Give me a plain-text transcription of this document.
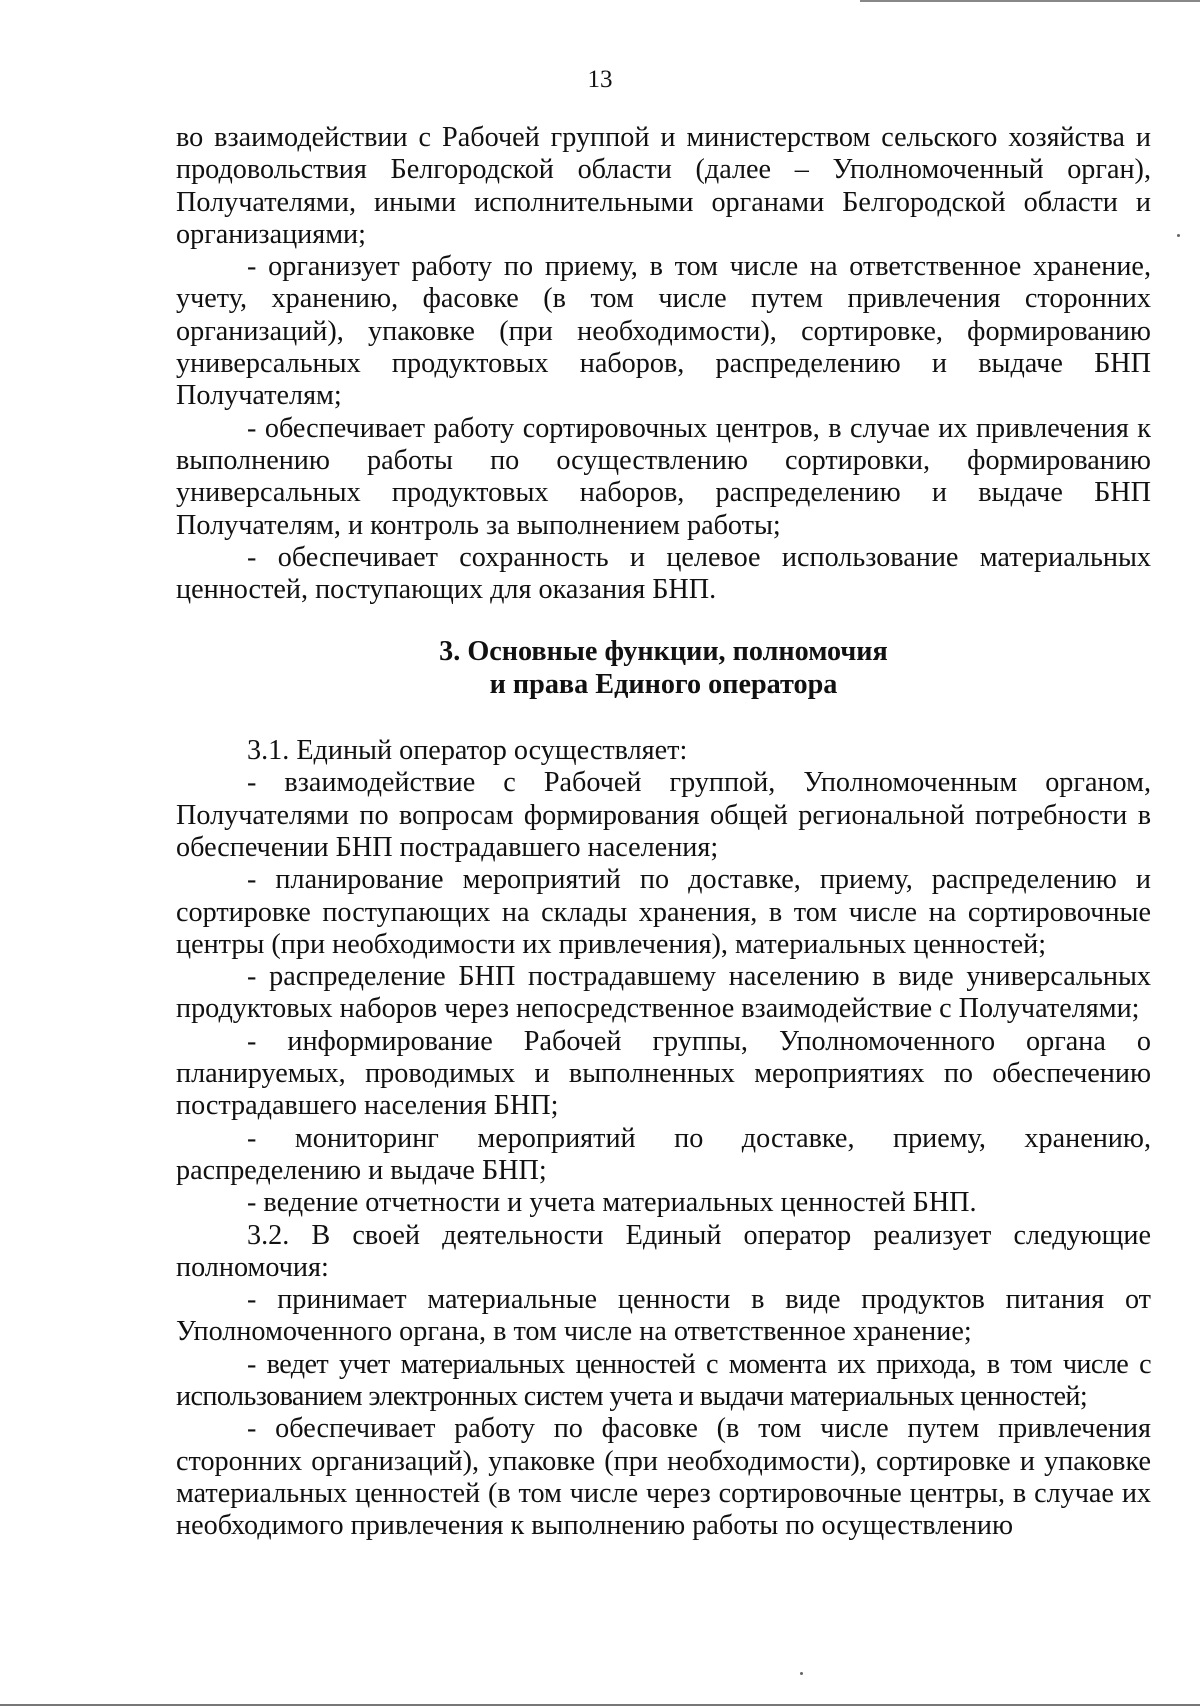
13

во взаимодействии с Рабочей группой и министерством сельского хозяйства и продовольствия Белгородской области (далее – Уполномоченный орган), Получателями, иными исполнительными органами Белгородской области и организациями;

- организует работу по приему, в том числе на ответственное хранение, учету, хранению, фасовке (в том числе путем привлечения сторонних организаций), упаковке (при необходимости), сортировке, формированию универсальных продуктовых наборов, распределению и выдаче БНП Получателям;

- обеспечивает работу сортировочных центров, в случае их привлечения к выполнению работы по осуществлению сортировки, формированию универсальных продуктовых наборов, распределению и выдаче БНП Получателям, и контроль за выполнением работы;

- обеспечивает сохранность и целевое использование материальных ценностей, поступающих для оказания БНП.

3. Основные функции, полномочия
и права Единого оператора

3.1. Единый оператор осуществляет:

- взаимодействие с Рабочей группой, Уполномоченным органом, Получателями по вопросам формирования общей региональной потребности в обеспечении БНП пострадавшего населения;

- планирование мероприятий по доставке, приему, распределению и сортировке поступающих на склады хранения, в том числе на сортировочные центры (при необходимости их привлечения), материальных ценностей;

- распределение БНП пострадавшему населению в виде универсальных продуктовых наборов через непосредственное взаимодействие с Получателями;

- информирование Рабочей группы, Уполномоченного органа о планируемых, проводимых и выполненных мероприятиях по обеспечению пострадавшего населения БНП;

- мониторинг мероприятий по доставке, приему, хранению, распределению и выдаче БНП;

- ведение отчетности и учета материальных ценностей БНП.

3.2. В своей деятельности Единый оператор реализует следующие полномочия:

- принимает материальные ценности в виде продуктов питания от Уполномоченного органа, в том числе на ответственное хранение;

- ведет учет материальных ценностей с момента их прихода, в том числе с использованием электронных систем учета и выдачи материальных ценностей;

- обеспечивает работу по фасовке (в том числе путем привлечения сторонних организаций), упаковке (при необходимости), сортировке и упаковке материальных ценностей (в том числе через сортировочные центры, в случае их необходимого привлечения к выполнению работы по осуществлению
